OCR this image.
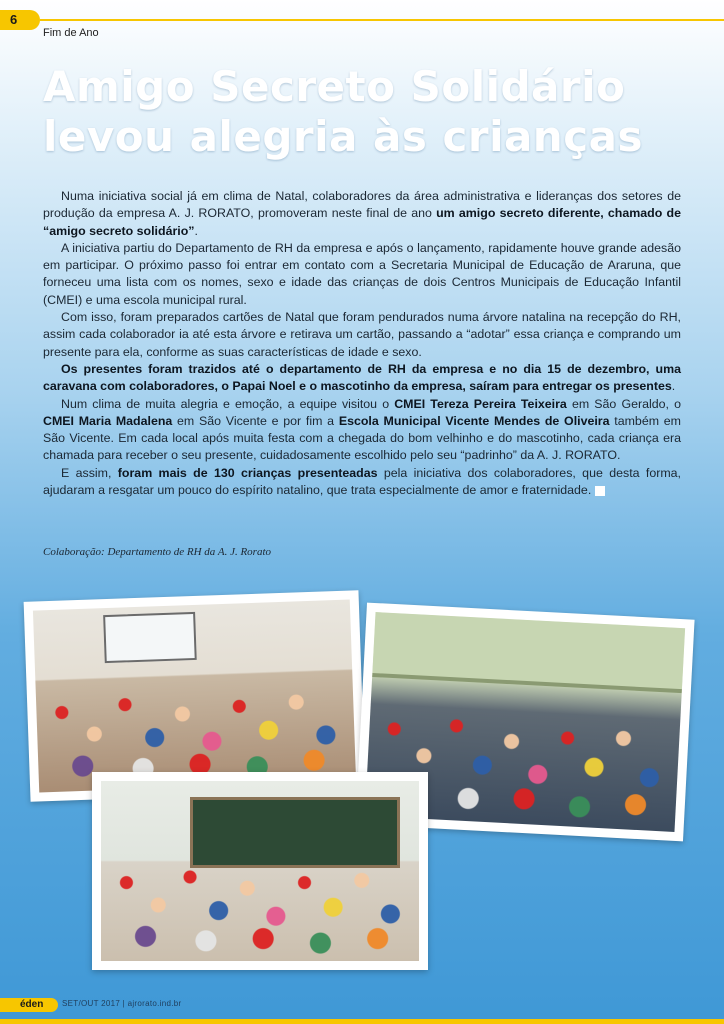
6
Fim de Ano
Amigo Secreto Solidário
levou alegria às crianças

Numa iniciativa social já em clima de Natal, colaboradores da área administrativa e lideranças dos setores de produção da empresa A. J. RORATO, promoveram neste final de ano um amigo secreto diferente, chamado de “amigo secreto solidário”.

A iniciativa partiu do Departamento de RH da empresa e após o lançamento, rapidamente houve grande adesão em participar. O próximo passo foi entrar em contato com a Secretaria Municipal de Educação de Araruna, que forneceu uma lista com os nomes, sexo e idade das crianças de dois Centros Municipais de Educação Infantil (CMEI) e uma escola municipal rural.

Com isso, foram preparados cartões de Natal que foram pendurados numa árvore natalina na recepção do RH, assim cada colaborador ia até esta árvore e retirava um cartão, passando a “adotar” essa criança e comprando um presente para ela, conforme as suas características de idade e sexo.

Os presentes foram trazidos até o departamento de RH da empresa e no dia 15 de dezembro, uma caravana com colaboradores, o Papai Noel e o mascotinho da empresa, saíram para entregar os presentes.

Num clima de muita alegria e emoção, a equipe visitou o CMEI Tereza Pereira Teixeira em São Geraldo, o CMEI Maria Madalena em São Vicente e por fim a Escola Municipal Vicente Mendes de Oliveira também em São Vicente. Em cada local após muita festa com a chegada do bom velhinho e do mascotinho, cada criança era chamada para receber o seu presente, cuidadosamente escolhido pelo seu “padrinho” da A. J. RORATO.

E assim, foram mais de 130 crianças presenteadas pela iniciativa dos colaboradores, que desta forma, ajudaram a resgatar um pouco do espírito natalino, que trata especialmente de amor e fraternidade.

Colaboração: Departamento de RH da A. J. Rorato
éden	SET/OUT 2017 | ajrorato.ind.br
